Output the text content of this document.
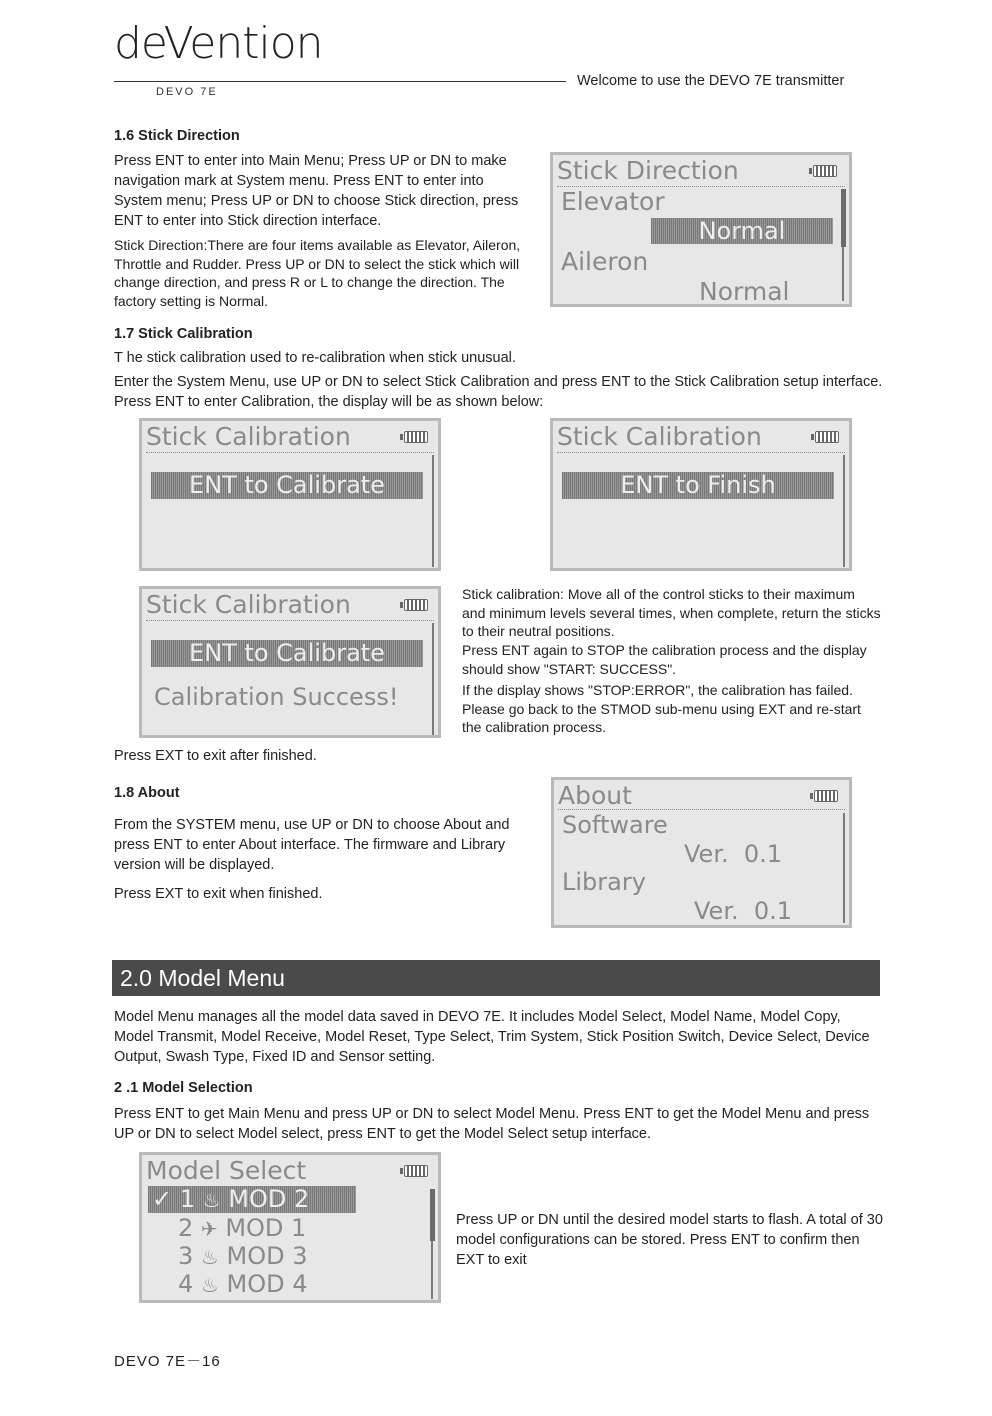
deVention
DEVO 7E
Welcome to use the DEVO 7E transmitter
1.6 Stick Direction

Press ENT to enter into Main Menu; Press UP or DN to make navigation mark at System menu. Press ENT to enter into System menu; Press UP or DN to choose Stick direction, press ENT to enter into Stick direction interface.

Stick Direction:There are four items available as Elevator, Aileron, Throttle and Rudder. Press UP or DN to select the stick which will change direction, and press R or L to change the direction. The factory setting is Normal.

Stick Direction
Elevator
Normal
Aileron
Normal
1.7 Stick Calibration

T he stick calibration used to re-calibration when stick unusual.

Enter the System Menu, use UP or DN to select Stick Calibration and press ENT to the Stick Calibration setup interface. Press ENT to enter Calibration, the display will be as shown below:

Stick Calibration
ENT to Calibrate
Stick Calibration
ENT to Finish
Stick Calibration
ENT to Calibrate
Calibration Success!

Stick calibration: Move all of the control sticks to their maximum and minimum levels several times, when complete, return the sticks to their neutral positions.

Press ENT again to STOP the calibration process and the display should show "START: SUCCESS".

If the display shows "STOP:ERROR", the calibration has failed. Please go back to the STMOD sub-menu using EXT and re-start the calibration process.

Press EXT to exit after finished.

1.8 About

From the SYSTEM menu, use UP or DN to choose About and press ENT to enter About interface. The firmware and Library version will be displayed.

Press EXT to exit when finished.

About
Software
Ver.  0.1
Library
Ver.  0.1
2.0 Model Menu

Model Menu manages all the model data saved in DEVO 7E. It includes Model Select, Model Name, Model Copy, Model Transmit, Model Receive, Model Reset, Type Select, Trim System, Stick Position Switch, Device Select, Device Output, Swash Type, Fixed ID and Sensor setting.

2 .1 Model Selection

Press ENT to get Main Menu and press UP or DN to select Model Menu. Press ENT to get the Model Menu and press UP or DN to select Model select, press ENT to get the Model Select setup interface.

Model Select
✓ 1 ♨ MOD 2
2 ✈ MOD 1
3 ♨ MOD 3
4 ♨ MOD 4

Press UP or DN until the desired model starts to flash. A total of 30 model configurations can be stored. Press ENT to confirm then EXT to exit

DEVO 7E－16
